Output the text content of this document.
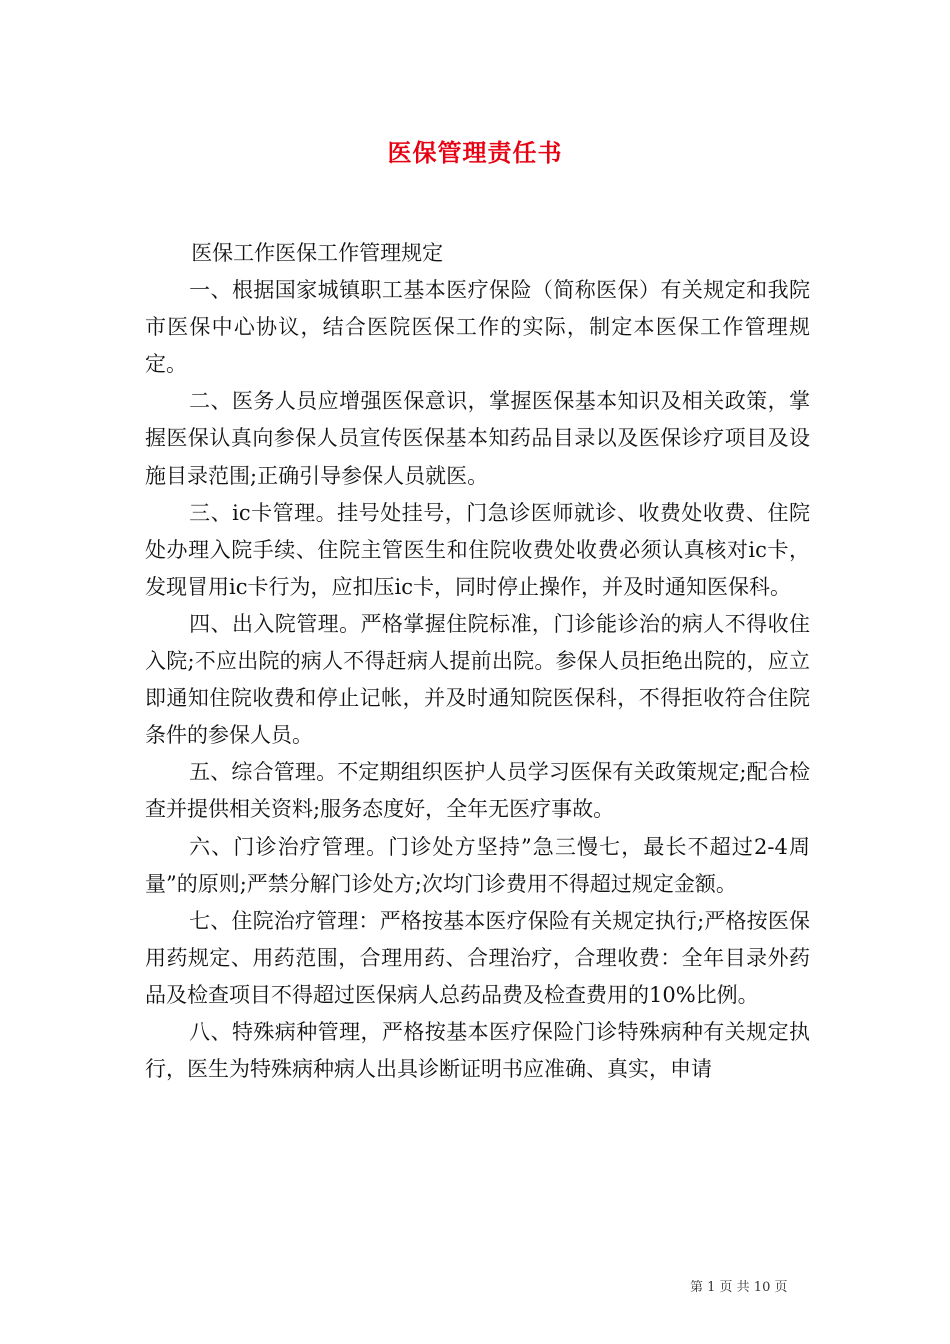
医保管理责任书

医保工作医保工作管理规定

一、根据国家城镇职工基本医疗保险（简称医保）有关规定和我院市医保中心协议，结合医院医保工作的实际，制定本医保工作管理规定。

二、医务人员应增强医保意识，掌握医保基本知识及相关政策，掌握医保认真向参保人员宣传医保基本知药品目录以及医保诊疗项目及设施目录范围;正确引导参保人员就医。

三、ic卡管理。挂号处挂号，门急诊医师就诊、收费处收费、住院处办理入院手续、住院主管医生和住院收费处收费必须认真核对ic卡，发现冒用ic卡行为，应扣压ic卡，同时停止操作，并及时通知医保科。

四、出入院管理。严格掌握住院标准，门诊能诊治的病人不得收住入院;不应出院的病人不得赶病人提前出院。参保人员拒绝出院的，应立即通知住院收费和停止记帐，并及时通知院医保科，不得拒收符合住院条件的参保人员。

五、综合管理。不定期组织医护人员学习医保有关政策规定;配合检查并提供相关资料;服务态度好，全年无医疗事故。

六、门诊治疗管理。门诊处方坚持”急三慢七，最长不超过2-4周量”的原则;严禁分解门诊处方;次均门诊费用不得超过规定金额。

七、住院治疗管理：严格按基本医疗保险有关规定执行;严格按医保用药规定、用药范围，合理用药、合理治疗，合理收费：全年目录外药品及检查项目不得超过医保病人总药品费及检查费用的10%比例。

八、特殊病种管理，严格按基本医疗保险门诊特殊病种有关规定执行，医生为特殊病种病人出具诊断证明书应准确、真实，申请

第 1 页 共 10 页
